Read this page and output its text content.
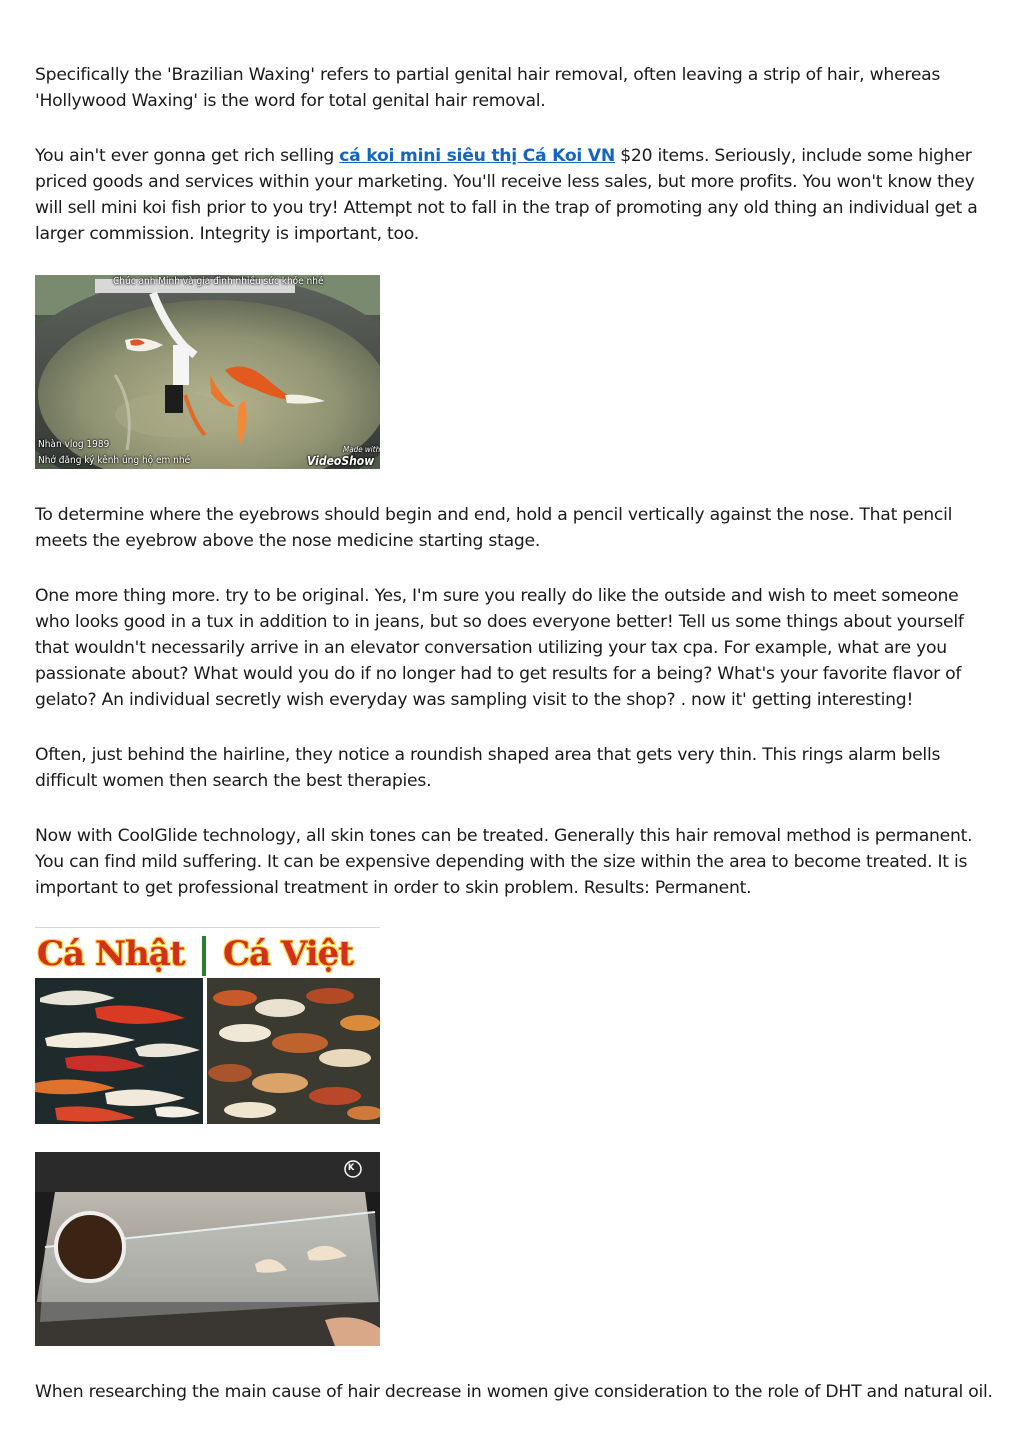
Specifically the 'Brazilian Waxing' refers to partial genital hair removal, often leaving a strip of hair, whereas 'Hollywood Waxing' is the word for total genital hair removal.

You ain't ever gonna get rich selling cá koi mini siêu thị Cá Koi VN $20 items. Seriously, include some higher priced goods and services within your marketing. You'll receive less sales, but more profits. You won't know they will sell mini koi fish prior to you try! Attempt not to fall in the trap of promoting any old thing an individual get a larger commission. Integrity is important, too.

Chúc anh Minh và gia đình nhiều sức khỏe nhé
Nhàn vlog 1989
Nhớ đăng ký kênh ủng hộ em nhé
Made with
VideoShow

To determine where the eyebrows should begin and end, hold a pencil vertically against the nose. That pencil meets the eyebrow above the nose medicine starting stage.

One more thing more. try to be original. Yes, I'm sure you really do like the outside and wish to meet someone who looks good in a tux in addition to in jeans, but so does everyone better! Tell us some things about yourself that wouldn't necessarily arrive in an elevator conversation utilizing your tax cpa. For example, what are you passionate about? What would you do if no longer had to get results for a being? What's your favorite flavor of gelato? An individual secretly wish everyday was sampling visit to the shop? . now it' getting interesting!

Often, just behind the hairline, they notice a roundish shaped area that gets very thin. This rings alarm bells difficult women then search the best therapies.

Now with CoolGlide technology, all skin tones can be treated. Generally this hair removal method is permanent. You can find mild suffering. It can be expensive depending with the size within the area to become treated. It is important to get professional treatment in order to skin problem. Results: Permanent.

Cá Nhật Cá Việt
K

When researching the main cause of hair decrease in women give consideration to the role of DHT and natural oil.
